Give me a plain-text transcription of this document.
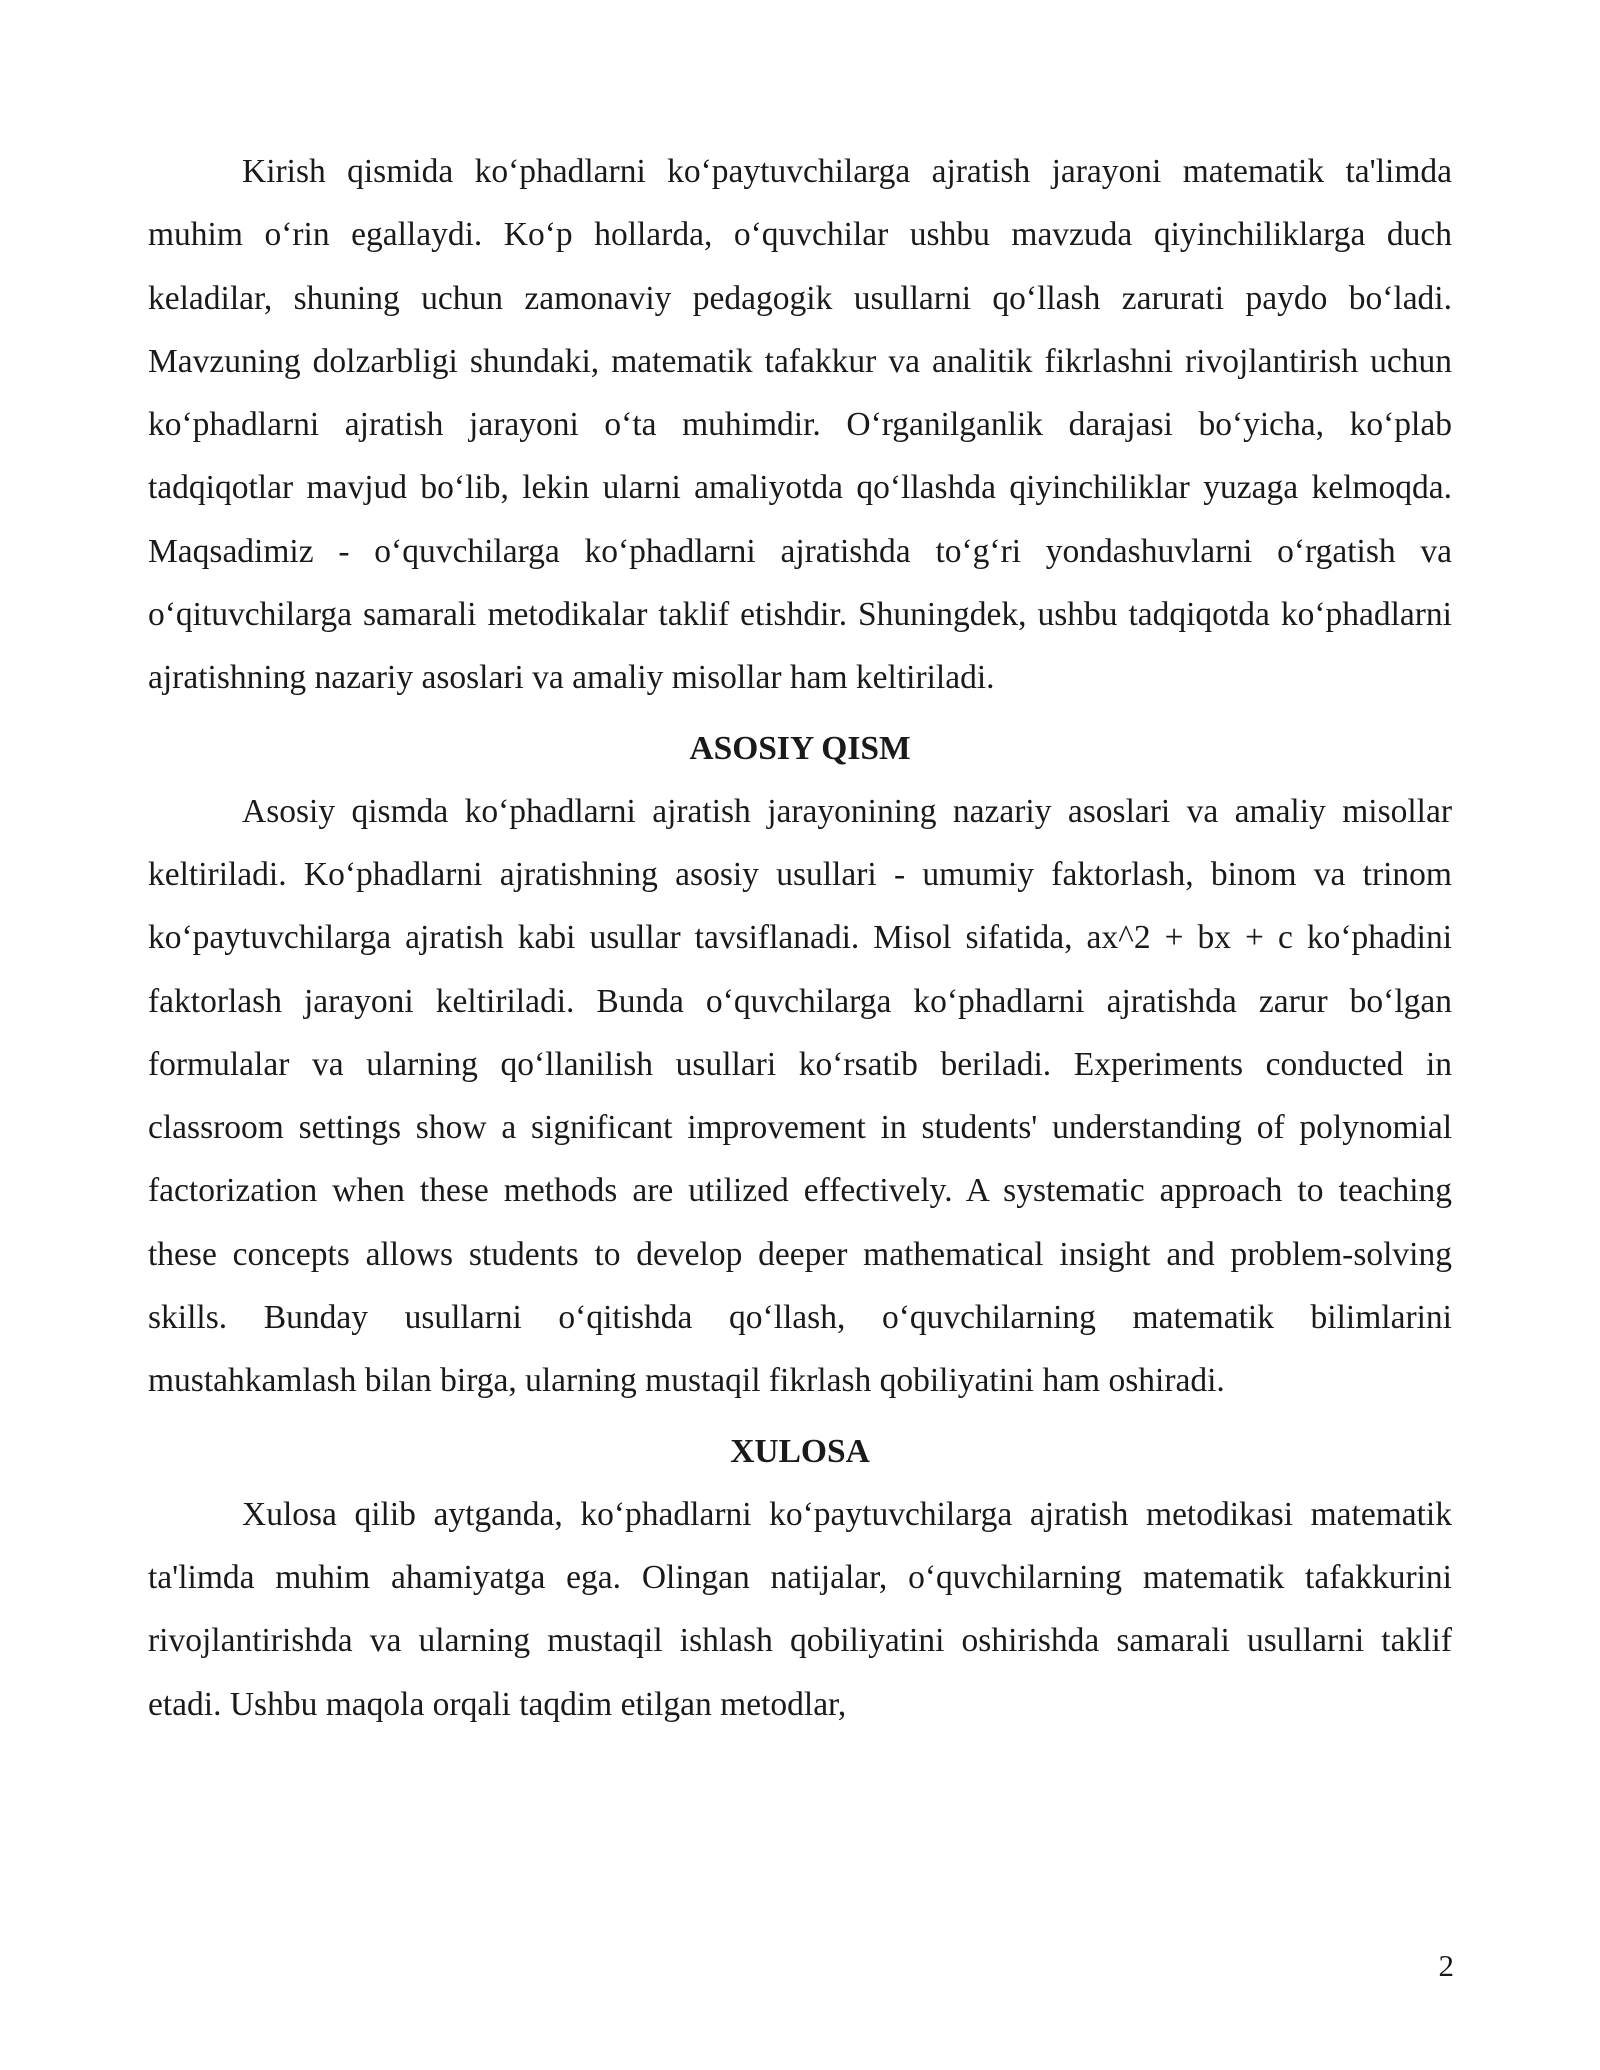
Kirish qismida ko‘phadlarni ko‘paytuvchilarga ajratish jarayoni matematik ta'limda muhim o‘rin egallaydi. Ko‘p hollarda, o‘quvchilar ushbu mavzuda qiyinchiliklarga duch keladilar, shuning uchun zamonaviy pedagogik usullarni qo‘llash zarurati paydo bo‘ladi. Mavzuning dolzarbligi shundaki, matematik tafakkur va analitik fikrlashni rivojlantirish uchun ko‘phadlarni ajratish jarayoni o‘ta muhimdir. O‘rganilganlik darajasi bo‘yicha, ko‘plab tadqiqotlar mavjud bo‘lib, lekin ularni amaliyotda qo‘llashda qiyinchiliklar yuzaga kelmoqda. Maqsadimiz - o‘quvchilarga ko‘phadlarni ajratishda to‘g‘ri yondashuvlarni o‘rgatish va o‘qituvchilarga samarali metodikalar taklif etishdir. Shuningdek, ushbu tadqiqotda ko‘phadlarni ajratishning nazariy asoslari va amaliy misollar ham keltiriladi.

ASOSIY QISM

Asosiy qismda ko‘phadlarni ajratish jarayonining nazariy asoslari va amaliy misollar keltiriladi. Ko‘phadlarni ajratishning asosiy usullari - umumiy faktorlash, binom va trinom ko‘paytuvchilarga ajratish kabi usullar tavsiflanadi. Misol sifatida, ax^2 + bx + c ko‘phadini faktorlash jarayoni keltiriladi. Bunda o‘quvchilarga ko‘phadlarni ajratishda zarur bo‘lgan formulalar va ularning qo‘llanilish usullari ko‘rsatib beriladi. Experiments conducted in classroom settings show a significant improvement in students' understanding of polynomial factorization when these methods are utilized effectively. A systematic approach to teaching these concepts allows students to develop deeper mathematical insight and problem-solving skills. Bunday usullarni o‘qitishda qo‘llash, o‘quvchilarning matematik bilimlarini mustahkamlash bilan birga, ularning mustaqil fikrlash qobiliyatini ham oshiradi.

XULOSA

Xulosa qilib aytganda, ko‘phadlarni ko‘paytuvchilarga ajratish metodikasi matematik ta'limda muhim ahamiyatga ega. Olingan natijalar, o‘quvchilarning matematik tafakkurini rivojlantirishda va ularning mustaqil ishlash qobiliyatini oshirishda samarali usullarni taklif etadi. Ushbu maqola orqali taqdim etilgan metodlar,

2
